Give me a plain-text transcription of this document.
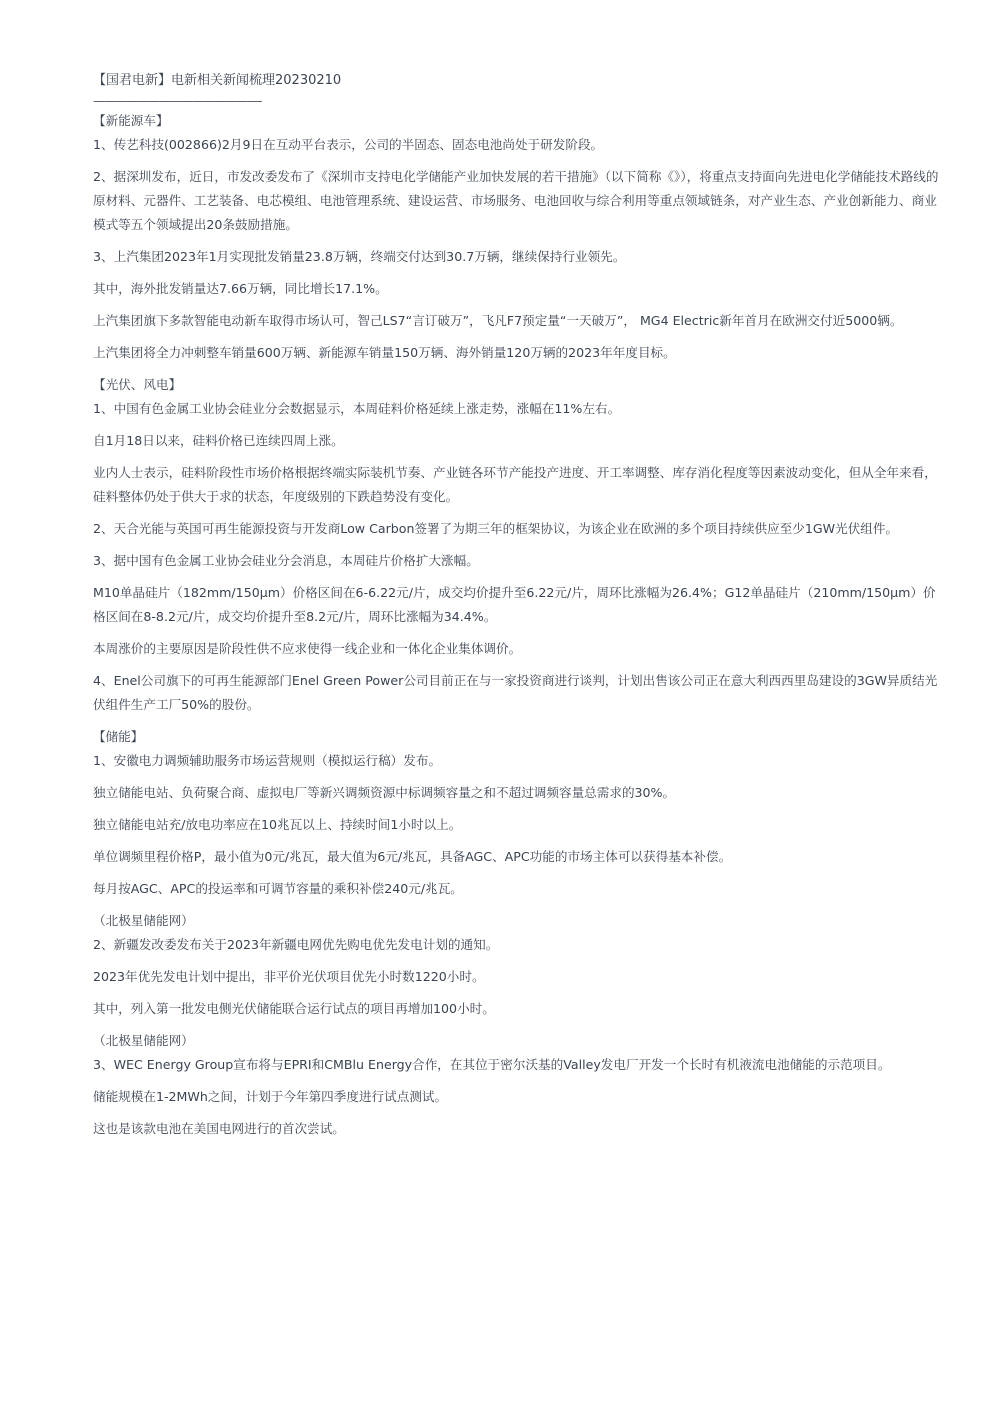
【国君电新】电新相关新闻梳理20230210

———————————————-

【新能源车】

1、传艺科技(002866)2月9日在互动平台表示，公司的半固态、固态电池尚处于研发阶段。

2、据深圳发布，近日，市发改委发布了《深圳市支持电化学储能产业加快发展的若干措施》（以下简称《》），将重点支持面向先进电化学储能技术路线的原材料、元器件、工艺装备、电芯模组、电池管理系统、建设运营、市场服务、电池回收与综合利用等重点领域链条，对产业生态、产业创新能力、商业模式等五个领域提出20条鼓励措施。

3、上汽集团2023年1月实现批发销量23.8万辆，终端交付达到30.7万辆，继续保持行业领先。

其中，海外批发销量达7.66万辆，同比增长17.1%。

上汽集团旗下多款智能电动新车取得市场认可，智己LS7“言订破万”，飞凡F7预定量“一天破万”， MG4 Electric新年首月在欧洲交付近5000辆。

上汽集团将全力冲刺整车销量600万辆、新能源车销量150万辆、海外销量120万辆的2023年年度目标。

【光伏、风电】

1、中国有色金属工业协会硅业分会数据显示，本周硅料价格延续上涨走势，涨幅在11%左右。

自1月18日以来，硅料价格已连续四周上涨。

业内人士表示，硅料阶段性市场价格根据终端实际装机节奏、产业链各环节产能投产进度、开工率调整、库存消化程度等因素波动变化，但从全年来看，硅料整体仍处于供大于求的状态，年度级别的下跌趋势没有变化。

2、天合光能与英国可再生能源投资与开发商Low Carbon签署了为期三年的框架协议，为该企业在欧洲的多个项目持续供应至少1GW光伏组件。

3、据中国有色金属工业协会硅业分会消息，本周硅片价格扩大涨幅。

M10单晶硅片（182mm/150μm）价格区间在6-6.22元/片，成交均价提升至6.22元/片，周环比涨幅为26.4%；G12单晶硅片（210mm/150μm）价格区间在8-8.2元/片，成交均价提升至8.2元/片，周环比涨幅为34.4%。

本周涨价的主要原因是阶段性供不应求使得一线企业和一体化企业集体调价。

4、Enel公司旗下的可再生能源部门Enel Green Power公司目前正在与一家投资商进行谈判，计划出售该公司正在意大利西西里岛建设的3GW异质结光伏组件生产工厂50%的股份。

【储能】

1、安徽电力调频辅助服务市场运营规则（模拟运行稿）发布。

独立储能电站、负荷聚合商、虚拟电厂等新兴调频资源中标调频容量之和不超过调频容量总需求的30%。

独立储能电站充/放电功率应在10兆瓦以上、持续时间1小时以上。

单位调频里程价格P，最小值为0元/兆瓦，最大值为6元/兆瓦，具备AGC、APC功能的市场主体可以获得基本补偿。

每月按AGC、APC的投运率和可调节容量的乘积补偿240元/兆瓦。

（北极星储能网）

2、新疆发改委发布关于2023年新疆电网优先购电优先发电计划的通知。

2023年优先发电计划中提出，非平价光伏项目优先小时数1220小时。

其中，列入第一批发电侧光伏储能联合运行试点的项目再增加100小时。

（北极星储能网）

3、WEC Energy Group宣布将与EPRI和CMBlu Energy合作，在其位于密尔沃基的Valley发电厂开发一个长时有机液流电池储能的示范项目。

储能规模在1-2MWh之间，计划于今年第四季度进行试点测试。

这也是该款电池在美国电网进行的首次尝试。
